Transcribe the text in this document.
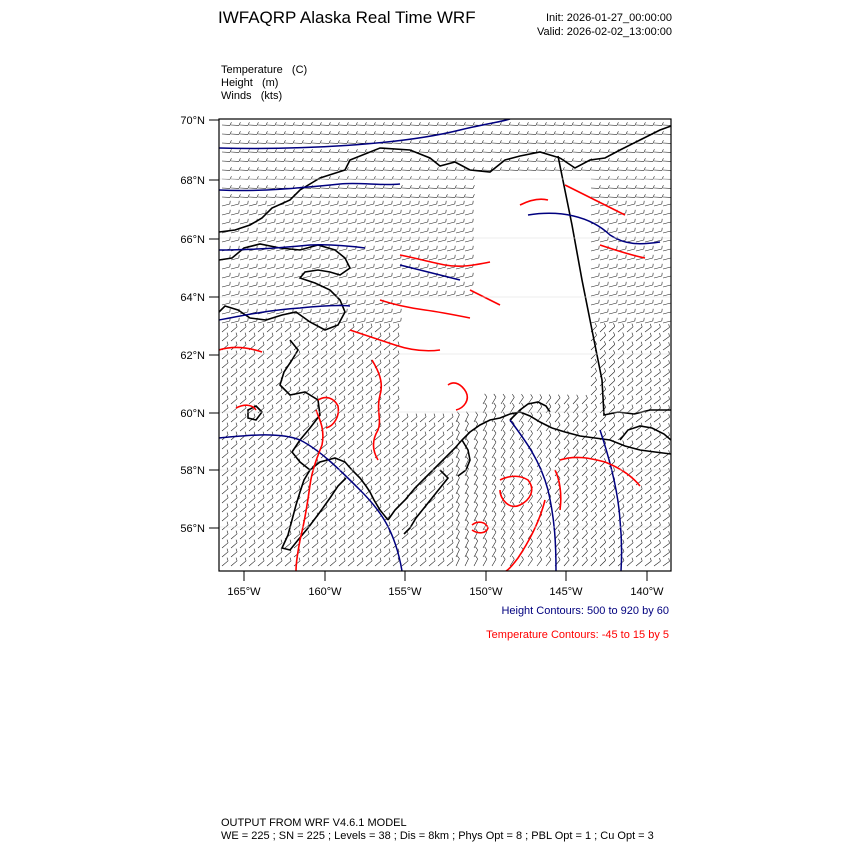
IWFAQRP Alaska Real Time WRF	Init: 2026-01-27_00:00:00
Valid: 2026-02-02_13:00:00
Temperature   (C)
Height   (m)
Winds   (kts)
70°N
68°N
66°N
64°N
62°N
60°N
58°N
56°N
165°W	160°W	155°W	150°W	145°W	140°W
Height Contours: 500 to 920 by 60
Temperature Contours: -45 to 15 by 5
OUTPUT FROM WRF V4.6.1 MODEL
WE = 225 ; SN = 225 ; Levels = 38 ; Dis = 8km ; Phys Opt = 8 ; PBL Opt = 1 ; Cu Opt = 3
